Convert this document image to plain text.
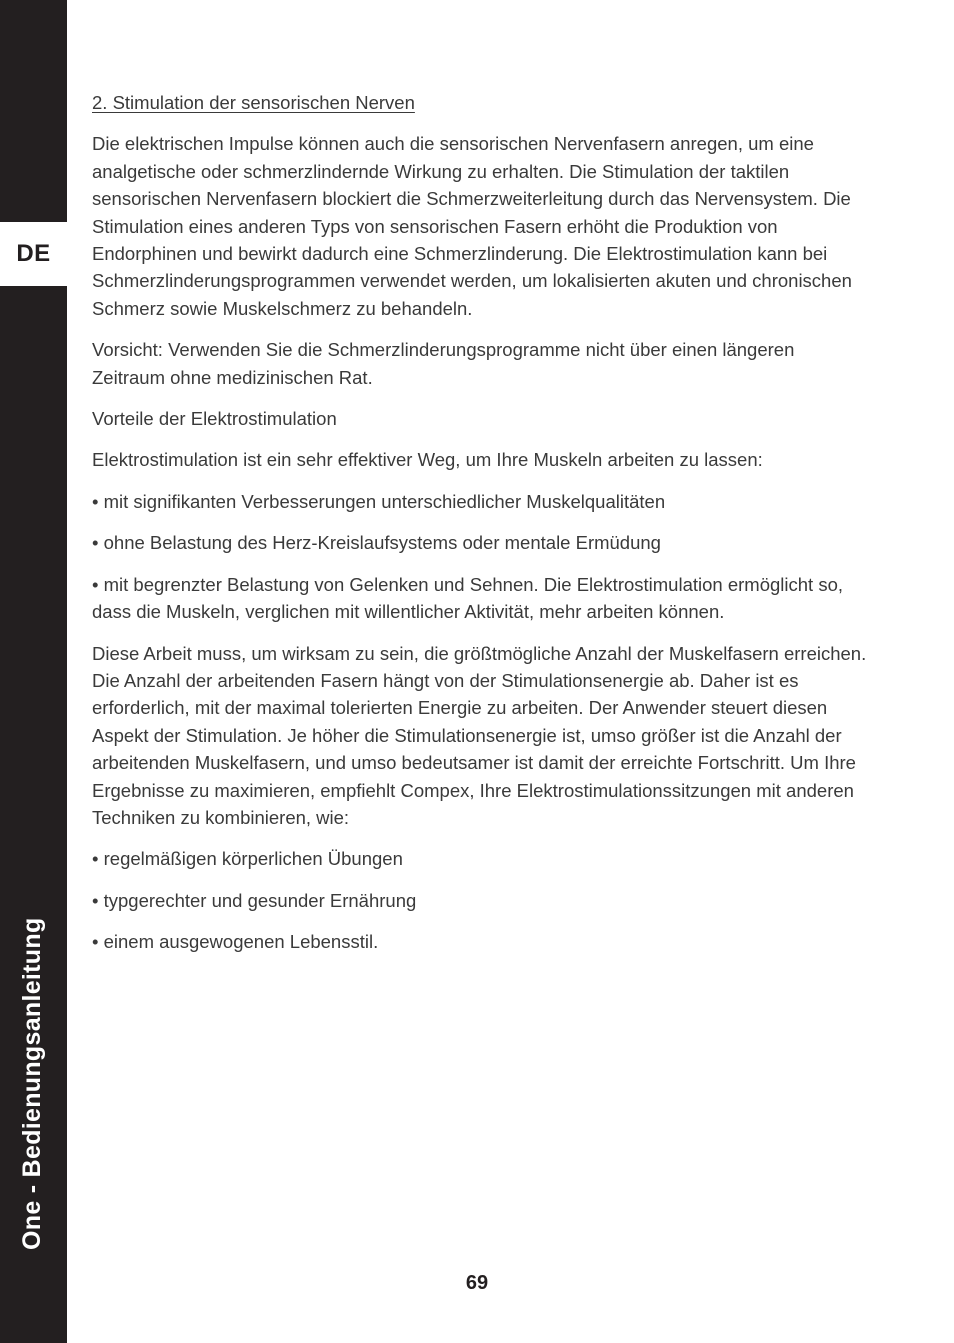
DE
One - Bedienungsanleitung

2. Stimulation der sensorischen Nerven

Die elektrischen Impulse können auch die sensorischen Nervenfasern anregen, um eine analgetische oder schmerzlindernde Wirkung zu erhalten. Die Stimulation der taktilen sensorischen Nervenfasern blockiert die Schmerzweiterleitung durch das Nervensystem. Die Stimulation eines anderen Typs von sensorischen Fasern erhöht die Produktion von Endorphinen und bewirkt dadurch eine Schmerzlinderung. Die Elektrostimulation kann bei Schmerzlinderungsprogrammen verwendet werden, um lokalisierten akuten und chronischen Schmerz sowie Muskelschmerz zu behandeln.

Vorsicht: Verwenden Sie die Schmerzlinderungsprogramme nicht über einen längeren Zeitraum ohne medizinischen Rat.

Vorteile der Elektrostimulation

Elektrostimulation ist ein sehr effektiver Weg, um Ihre Muskeln arbeiten zu lassen:

• mit signifikanten Verbesserungen unterschiedlicher Muskelqualitäten

• ohne Belastung des Herz-Kreislaufsystems oder mentale Ermüdung

• mit begrenzter Belastung von Gelenken und Sehnen. Die Elektrostimulation ermöglicht so, dass die Muskeln, verglichen mit willentlicher Aktivität, mehr arbeiten können.

Diese Arbeit muss, um wirksam zu sein, die größtmögliche Anzahl der Muskelfasern erreichen. Die Anzahl der arbeitenden Fasern hängt von der Stimulationsenergie ab. Daher ist es erforderlich, mit der maximal tolerierten Energie zu arbeiten. Der Anwender steuert diesen Aspekt der Stimulation. Je höher die Stimulationsenergie ist, umso größer ist die Anzahl der arbeitenden Muskelfasern, und umso bedeutsamer ist damit der erreichte Fortschritt. Um Ihre Ergebnisse zu maximieren, empfiehlt Compex, Ihre Elektrostimulationssitzungen mit anderen Techniken zu kombinieren, wie:

• regelmäßigen körperlichen Übungen

• typgerechter und gesunder Ernährung

• einem ausgewogenen Lebensstil.

69
